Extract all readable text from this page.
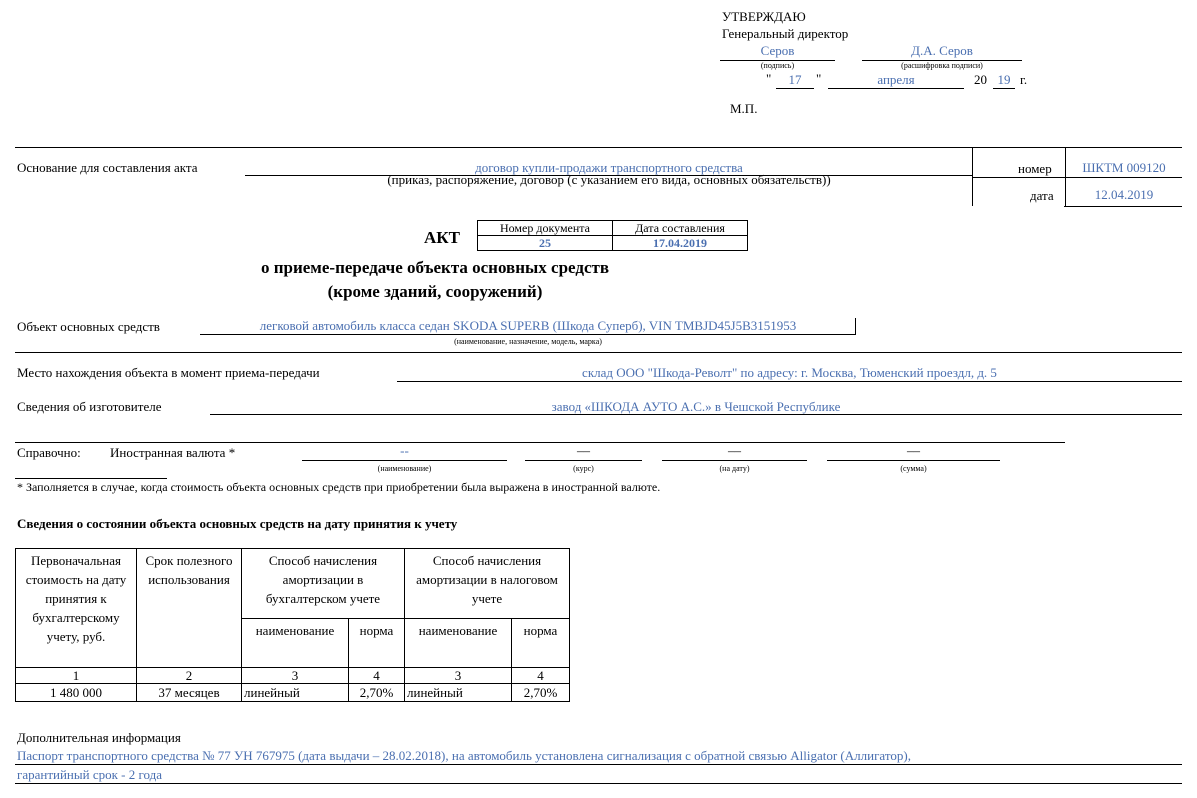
УТВЕРЖДАЮ
Генеральный директор
Серов	Д.А. Серов
(подпись)	(расшифровка подписи)
"	17	"	апреля	20 19 г.
М.П.
Основание для составления акта	договор купли-продажи транспортного средства
(приказ, распоряжение, договор (с указанием его вида, основных обязательств))
номер	ШКТМ 009120
дата	12.04.2019
АКТ	Номер документа	Дата составления
25	17.04.2019
о приеме-передаче объекта основных средств
(кроме зданий, сооружений)
Объект основных средств	легковой автомобиль класса седан SKODA SUPERB (Шкода Суперб), VIN TMBJD45J5B3151953
(наименование, назначение, модель, марка)
Место нахождения объекта в момент приема-передачи	склад ООО "Шкода-Револт" по адресу: г. Москва, Тюменский проездл, д. 5
Сведения об изготовителе	завод «ШКОДА АУТО А.С.» в Чешской Республике
Справочно: Иностранная валюта *	--
(наименование)
––
(курс)
––
(на дату)
––
(сумма)
* Заполняется в случае, когда стоимость объекта основных средств при приобретении была выражена в иностранной валюте.
Сведения о состоянии объекта основных средств на дату принятия к учету
Первоначальная стоимость на дату принятия к бухгалтерскому учету, руб.	Срок полезного использования	Способ начисления амортизации в бухгалтерском учете		Способ начисления амортизации в налоговом учете	
		наименование	норма	наименование	норма
1	2	3	4	3	4
1 480 000	37 месяцев	линейный	2,70%	линейный	2,70%
Дополнительная информация
Паспорт транспортного средства № 77 УН 767975 (дата выдачи – 28.02.2018), на автомобиль установлена сигнализация с обратной связью Alligator (Аллигатор),
гарантийный срок - 2 года
